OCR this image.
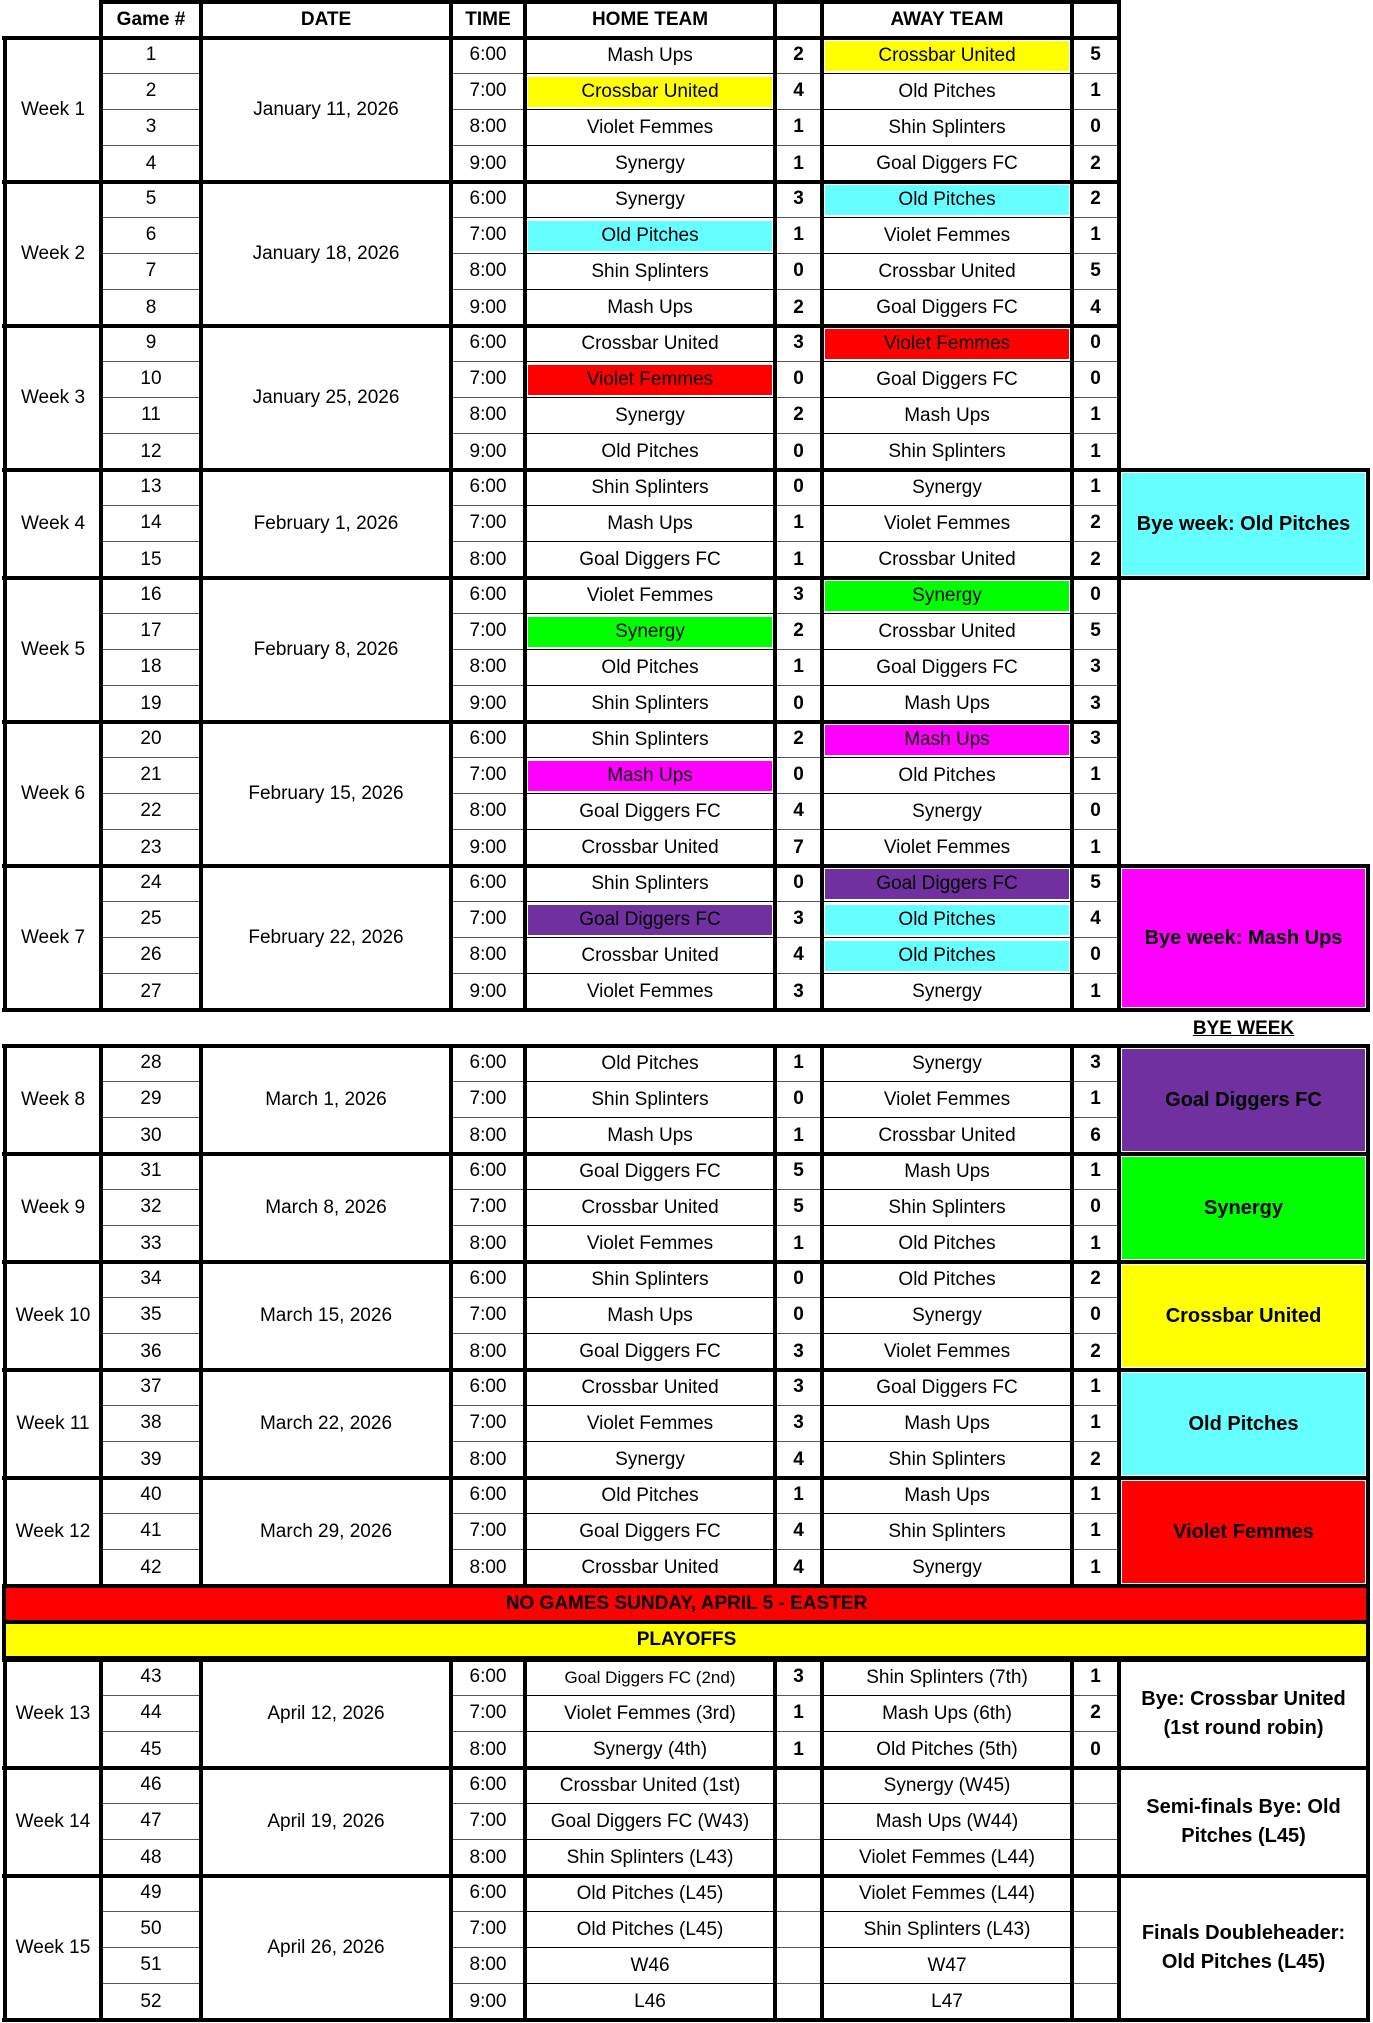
Game #	DATE	TIME	HOME TEAM	AWAY TEAM
Week 1	January 11, 2026
1	6:00	Mash Ups	2	Crossbar United	5
2	7:00	Crossbar United	4	Old Pitches	1
3	8:00	Violet Femmes	1	Shin Splinters	0
4	9:00	Synergy	1	Goal Diggers FC	2
Week 2	January 18, 2026
5	6:00	Synergy	3	Old Pitches	2
6	7:00	Old Pitches	1	Violet Femmes	1
7	8:00	Shin Splinters	0	Crossbar United	5
8	9:00	Mash Ups	2	Goal Diggers FC	4
Week 3	January 25, 2026
9	6:00	Crossbar United	3	Violet Femmes	0
10	7:00	Violet Femmes	0	Goal Diggers FC	0
11	8:00	Synergy	2	Mash Ups	1
12	9:00	Old Pitches	0	Shin Splinters	1
Week 4	February 1, 2026
13	6:00	Shin Splinters	0	Synergy	1
14	7:00	Mash Ups	1	Violet Femmes	2
15	8:00	Goal Diggers FC	1	Crossbar United	2
Bye week: Old Pitches
Week 5	February 8, 2026
16	6:00	Violet Femmes	3	Synergy	0
17	7:00	Synergy	2	Crossbar United	5
18	8:00	Old Pitches	1	Goal Diggers FC	3
19	9:00	Shin Splinters	0	Mash Ups	3
Week 6	February 15, 2026
20	6:00	Shin Splinters	2	Mash Ups	3
21	7:00	Mash Ups	0	Old Pitches	1
22	8:00	Goal Diggers FC	4	Synergy	0
23	9:00	Crossbar United	7	Violet Femmes	1
Week 7	February 22, 2026
24	6:00	Shin Splinters	0	Goal Diggers FC	5
25	7:00	Goal Diggers FC	3	Old Pitches	4
26	8:00	Crossbar United	4	Old Pitches	0
27	9:00	Violet Femmes	3	Synergy	1
Bye week: Mash Ups
Week 8	March 1, 2026
28	6:00	Old Pitches	1	Synergy	3
29	7:00	Shin Splinters	0	Violet Femmes	1
30	8:00	Mash Ups	1	Crossbar United	6
Goal Diggers FC
Week 9	March 8, 2026
31	6:00	Goal Diggers FC	5	Mash Ups	1
32	7:00	Crossbar United	5	Shin Splinters	0
33	8:00	Violet Femmes	1	Old Pitches	1
Synergy
Week 10	March 15, 2026
34	6:00	Shin Splinters	0	Old Pitches	2
35	7:00	Mash Ups	0	Synergy	0
36	8:00	Goal Diggers FC	3	Violet Femmes	2
Crossbar United
Week 11	March 22, 2026
37	6:00	Crossbar United	3	Goal Diggers FC	1
38	7:00	Violet Femmes	3	Mash Ups	1
39	8:00	Synergy	4	Shin Splinters	2
Old Pitches
Week 12	March 29, 2026
40	6:00	Old Pitches	1	Mash Ups	1
41	7:00	Goal Diggers FC	4	Shin Splinters	1
42	8:00	Crossbar United	4	Synergy	1
Violet Femmes
Week 13	April 12, 2026
43	6:00	Goal Diggers FC (2nd)	3	Shin Splinters (7th)	1
44	7:00	Violet Femmes (3rd)	1	Mash Ups (6th)	2
45	8:00	Synergy (4th)	1	Old Pitches (5th)	0
Bye: Crossbar United (1st round robin)
Week 14	April 19, 2026
46	6:00	Crossbar United (1st)	Synergy (W45)
47	7:00	Goal Diggers FC (W43)	Mash Ups (W44)
48	8:00	Shin Splinters (L43)	Violet Femmes (L44)
Semi-finals Bye: Old Pitches (L45)
Week 15	April 26, 2026
49	6:00	Old Pitches (L45)	Violet Femmes (L44)
50	7:00	Old Pitches (L45)	Shin Splinters (L43)
51	8:00	W46	W47
52	9:00	L46	L47
Finals Doubleheader: Old Pitches (L45)
BYE WEEK
NO GAMES SUNDAY, APRIL 5 - EASTER
PLAYOFFS
